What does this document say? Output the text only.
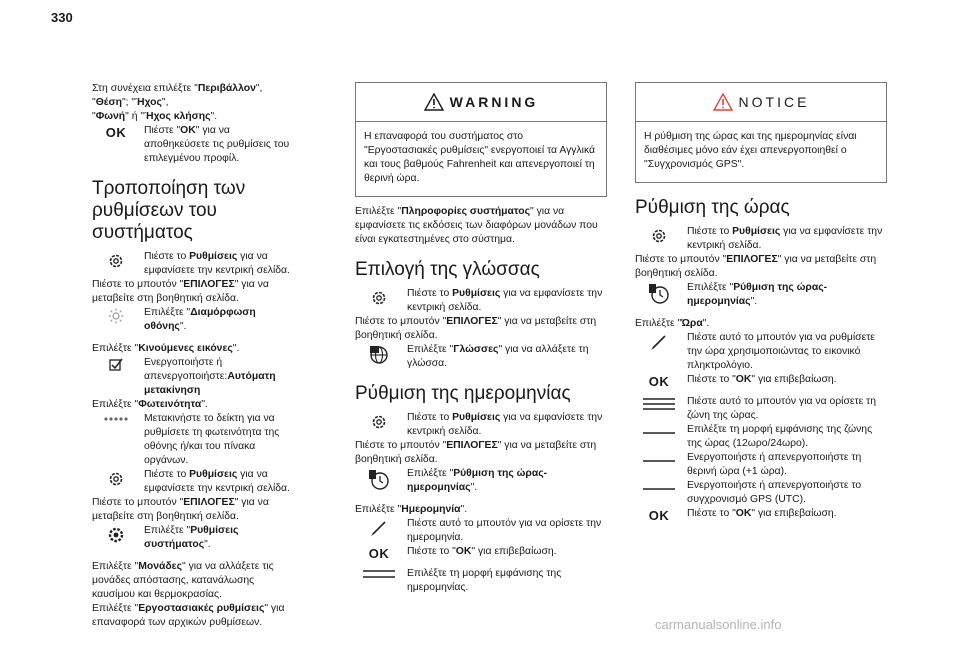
330

Στη συνέχεια επιλέξτε "Περιβάλλον", "Θέση"; "Ήχος",
"Φωνή" ή "Ήχος κλήσης".

OK Πιέστε "OK" για να αποθηκεύσετε τις ρυθμίσεις του επιλεγμένου προφίλ.

Τροποποίηση των ρυθμίσεων του συστήματος

Πιέστε το Ρυθμίσεις για να εμφανίσετε την κεντρική σελίδα.

Πιέστε το μπουτόν "ΕΠΙΛΟΓΕΣ" για να μεταβείτε στη βοηθητική σελίδα.

Επιλέξτε "Διαμόρφωση οθόνης".

Επιλέξτε "Κινούμενες εικόνες".

Ενεργοποιήστε ή απενεργοποιήστε:Αυτόματη μετακίνηση

Επιλέξτε "Φωτεινότητα".

Μετακινήστε το δείκτη για να ρυθμίσετε τη φωτεινότητα της οθόνης ή/και του πίνακα οργάνων.

Πιέστε το Ρυθμίσεις για να εμφανίσετε την κεντρική σελίδα.

Πιέστε το μπουτόν "ΕΠΙΛΟΓΕΣ" για να μεταβείτε στη βοηθητική σελίδα.

Επιλέξτε "Ρυθμίσεις συστήματος".

Επιλέξτε "Μονάδες" για να αλλάξετε τις μονάδες απόστασης, κατανάλωσης καυσίμου και θερμοκρασίας.

Επιλέξτε "Εργοστασιακές ρυθμίσεις" για επαναφορά των αρχικών ρυθμίσεων.

WARNING
Η επαναφορά του συστήματος στο "Εργοστασιακές ρυθμίσεις" ενεργοποιεί τα Αγγλικά και τους βαθμούς Fahrenheit και απενεργοποιεί τη θερινή ώρα.

Επιλέξτε "Πληροφορίες συστήματος" για να εμφανίσετε τις εκδόσεις των διαφόρων μονάδων που είναι εγκατεστημένες στο σύστημα.

Επιλογή της γλώσσας

Πιέστε το Ρυθμίσεις για να εμφανίσετε την κεντρική σελίδα.

Πιέστε το μπουτόν "ΕΠΙΛΟΓΕΣ" για να μεταβείτε στη βοηθητική σελίδα.

Επιλέξτε "Γλώσσες" για να αλλάξετε τη γλώσσα.

Ρύθμιση της ημερομηνίας

Πιέστε το Ρυθμίσεις για να εμφανίσετε την κεντρική σελίδα.

Πιέστε το μπουτόν "ΕΠΙΛΟΓΕΣ" για να μεταβείτε στη βοηθητική σελίδα.

Επιλέξτε "Ρύθμιση της ώρας-ημερομηνίας".

Επιλέξτε "Ημερομηνία".

Πιέστε αυτό το μπουτόν για να ορίσετε την ημερομηνία.

OK Πιέστε το "OK" για επιβεβαίωση.

Επιλέξτε τη μορφή εμφάνισης της ημερομηνίας.

NOTICE
Η ρύθμιση της ώρας και της ημερομηνίας είναι διαθέσιμες μόνο εάν έχει απενεργοποιηθεί ο "Συγχρονισμός GPS".
Ρύθμιση της ώρας

Πιέστε το Ρυθμίσεις για να εμφανίσετε την κεντρική σελίδα.

Πιέστε το μπουτόν "ΕΠΙΛΟΓΕΣ" για να μεταβείτε στη βοηθητική σελίδα.

Επιλέξτε "Ρύθμιση της ώρας-ημερομηνίας".

Επιλέξτε "Ώρα".

Πιέστε αυτό το μπουτόν για να ρυθμίσετε την ώρα χρησιμοποιώντας το εικονικό πληκτρολόγιο.

OK Πιέστε το "OK" για επιβεβαίωση.

Πιέστε αυτό το μπουτόν για να ορίσετε τη ζώνη της ώρας.

Επιλέξτε τη μορφή εμφάνισης της ζώνης της ώρας (12ωρο/24ωρο).

Ενεργοποιήστε ή απενεργοποιήστε τη θερινή ώρα (+1 ώρα).

Ενεργοποιήστε ή απενεργοποιήστε το συγχρονισμό GPS (UTC).

OK Πιέστε το "OK" για επιβεβαίωση.

carmanualsonline.info
